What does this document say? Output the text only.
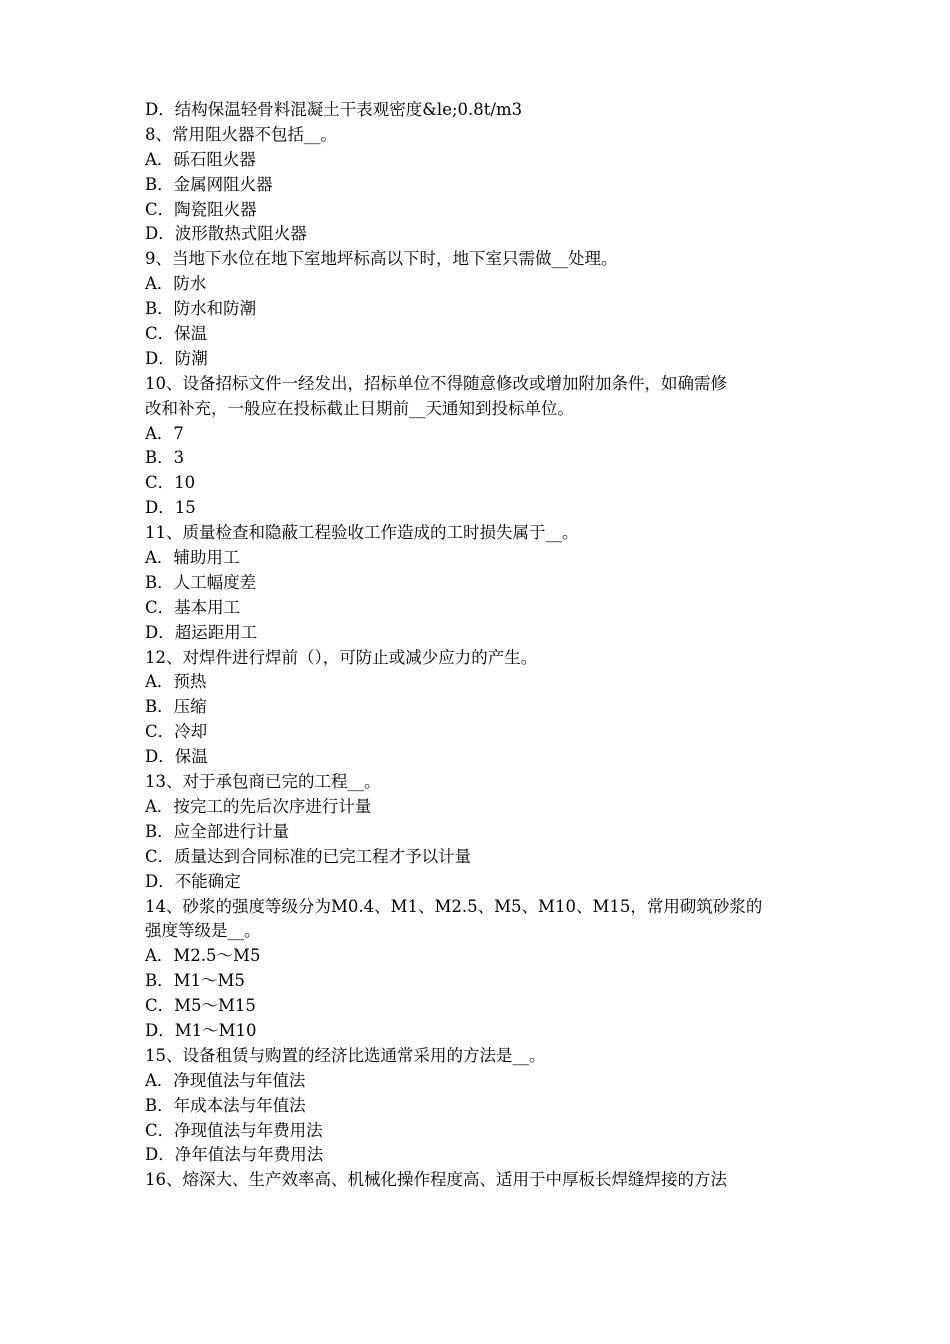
D．结构保温轻骨料混凝土干表观密度&le;0.8t/m3
8、常用阻火器不包括__。
A．砾石阻火器
B．金属网阻火器
C．陶瓷阻火器
D．波形散热式阻火器
9、当地下水位在地下室地坪标高以下时，地下室只需做__处理。
A．防水
B．防水和防潮
C．保温
D．防潮
10、设备招标文件一经发出，招标单位不得随意修改或增加附加条件，如确需修
改和补充，一般应在投标截止日期前__天通知到投标单位。
A．7
B．3
C．10
D．15
11、质量检查和隐蔽工程验收工作造成的工时损失属于__。
A．辅助用工
B．人工幅度差
C．基本用工
D．超运距用工
12、对焊件进行焊前（），可防止或减少应力的产生。
A．预热
B．压缩
C．冷却
D．保温
13、对于承包商已完的工程__。
A．按完工的先后次序进行计量
B．应全部进行计量
C．质量达到合同标准的已完工程才予以计量
D．不能确定
14、砂浆的强度等级分为M0.4、M1、M2.5、M5、M10、M15，常用砌筑砂浆的
强度等级是__。
A．M2.5～M5
B．M1～M5
C．M5～M15
D．M1～M10
15、设备租赁与购置的经济比选通常采用的方法是__。
A．净现值法与年值法
B．年成本法与年值法
C．净现值法与年费用法
D．净年值法与年费用法
16、熔深大、生产效率高、机械化操作程度高、适用于中厚板长焊缝焊接的方法
